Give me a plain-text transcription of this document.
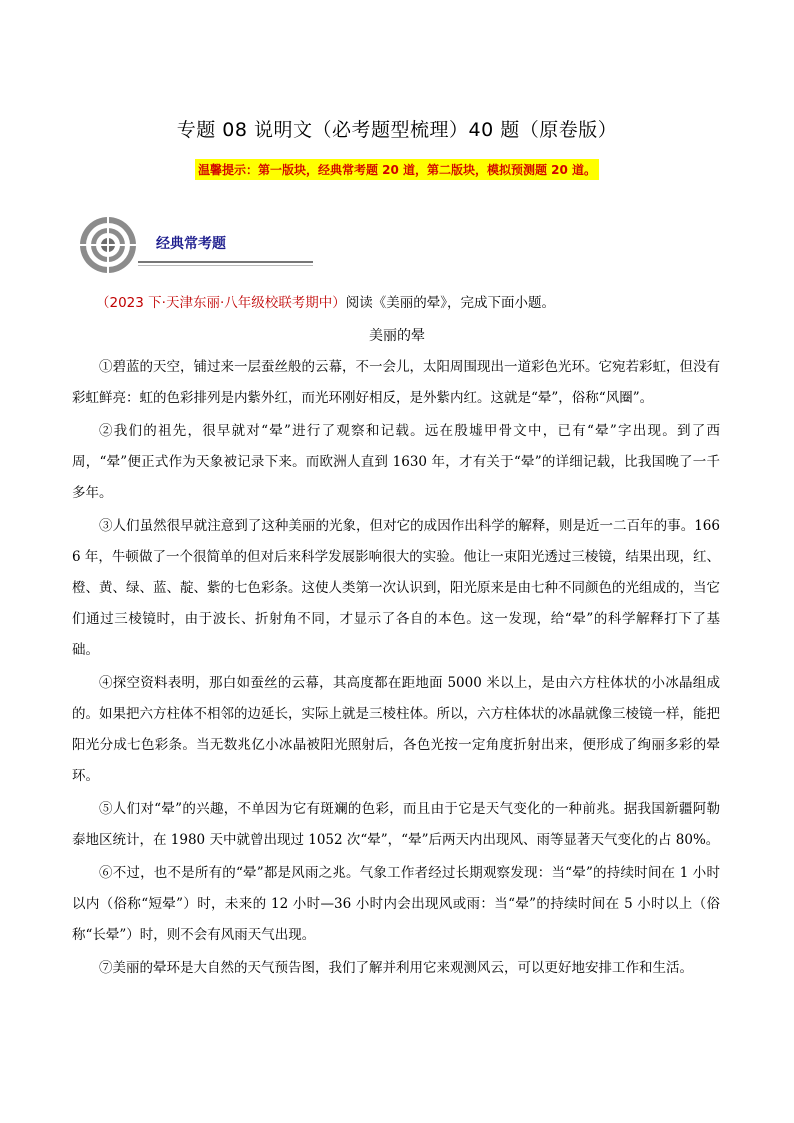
专题 08 说明文（必考题型梳理）40 题（原卷版）
温馨提示：第一版块，经典常考题 20 道，第二版块，模拟预测题 20 道。
经典常考题
（2023 下·天津东丽·八年级校联考期中）阅读《美丽的晕》，完成下面小题。
美丽的晕

①碧蓝的天空，铺过来一层蚕丝般的云幕，不一会儿，太阳周围现出一道彩色光环。它宛若彩虹，但没有彩虹鲜亮：虹的色彩排列是内紫外红，而光环刚好相反，是外紫内红。这就是“晕”，俗称“风圈”。

②我们的祖先，很早就对“晕”进行了观察和记载。远在殷墟甲骨文中，已有“晕”字出现。到了西周，“晕”便正式作为天象被记录下来。而欧洲人直到 1630 年，才有关于“晕”的详细记载，比我国晚了一千多年。

③人们虽然很早就注意到了这种美丽的光象，但对它的成因作出科学的解释，则是近一二百年的事。1666 年，牛顿做了一个很简单的但对后来科学发展影响很大的实验。他让一束阳光透过三棱镜，结果出现，红、橙、黄、绿、蓝、靛、紫的七色彩条。这使人类第一次认识到，阳光原来是由七种不同颜色的光组成的，当它们通过三棱镜时，由于波长、折射角不同，才显示了各自的本色。这一发现，给“晕”的科学解释打下了基础。

④探空资料表明，那白如蚕丝的云幕，其高度都在距地面 5000 米以上，是由六方柱体状的小冰晶组成的。如果把六方柱体不相邻的边延长，实际上就是三棱柱体。所以，六方柱体状的冰晶就像三棱镜一样，能把阳光分成七色彩条。当无数兆亿小冰晶被阳光照射后，各色光按一定角度折射出来，便形成了绚丽多彩的晕环。

⑤人们对“晕”的兴趣，不单因为它有斑斓的色彩，而且由于它是天气变化的一种前兆。据我国新疆阿勒泰地区统计，在 1980 天中就曾出现过 1052 次“晕”，“晕”后两天内出现风、雨等显著天气变化的占 80%。

⑥不过，也不是所有的“晕”都是风雨之兆。气象工作者经过长期观察发现：当“晕”的持续时间在 1 小时以内（俗称“短晕”）时，未来的 12 小时—36 小时内会出现风或雨：当“晕”的持续时间在 5 小时以上（俗称“长晕”）时，则不会有风雨天气出现。

⑦美丽的晕环是大自然的天气预告图，我们了解并利用它来观测风云，可以更好地安排工作和生活。
